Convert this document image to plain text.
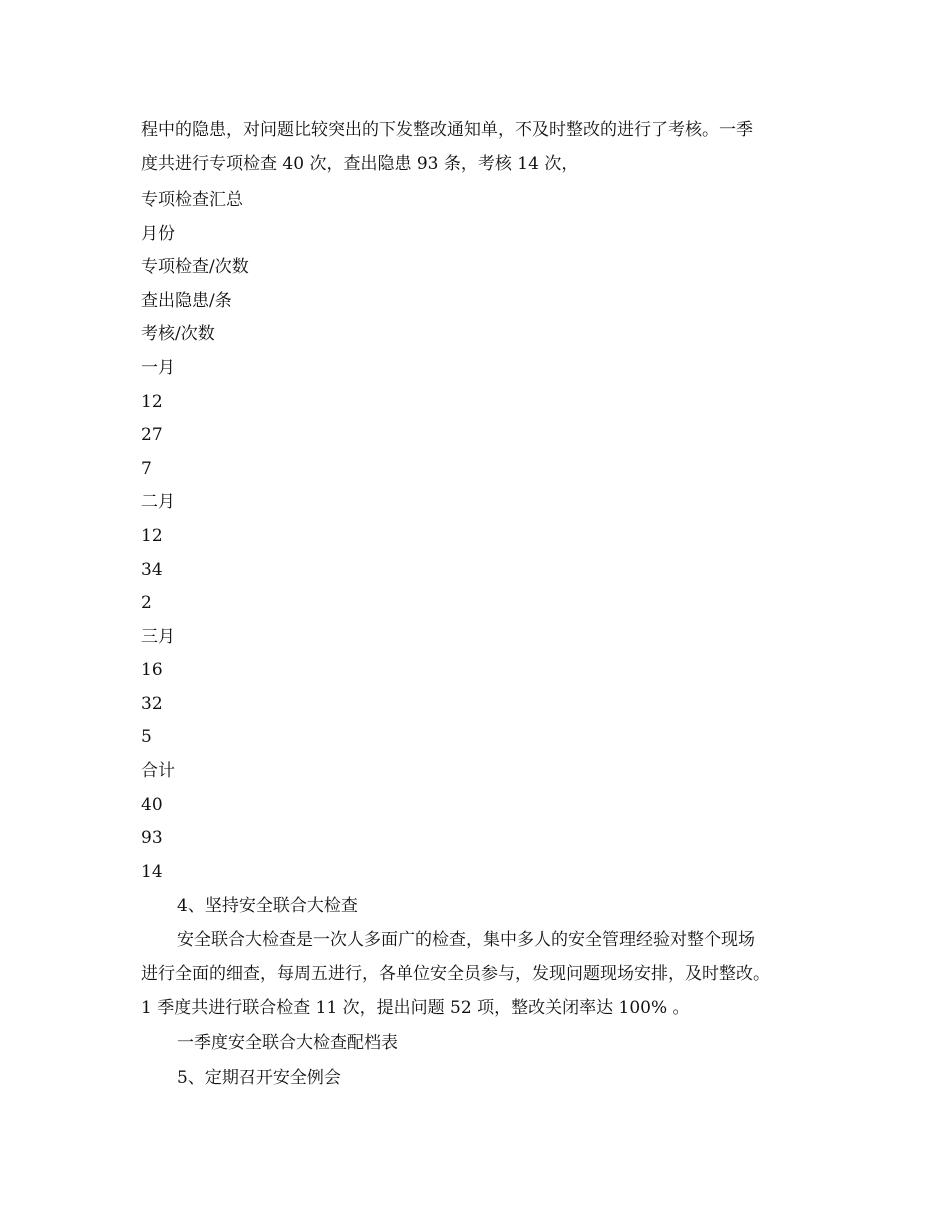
程中的隐患，对问题比较突出的下发整改通知单，不及时整改的进行了考核。一季
度共进行专项检查 40 次，查出隐患 93 条，考核 14 次，
专项检查汇总
月份
专项检查/次数
查出隐患/条
考核/次数
一月
12
27
7
二月
12
34
2
三月
16
32
5
合计
40
93
14
4、坚持安全联合大检查
安全联合大检查是一次人多面广的检查，集中多人的安全管理经验对整个现场
进行全面的细查，每周五进行，各单位安全员参与，发现问题现场安排，及时整改。
1 季度共进行联合检查 11 次，提出问题 52 项，整改关闭率达 100% 。
一季度安全联合大检查配档表
5、定期召开安全例会
